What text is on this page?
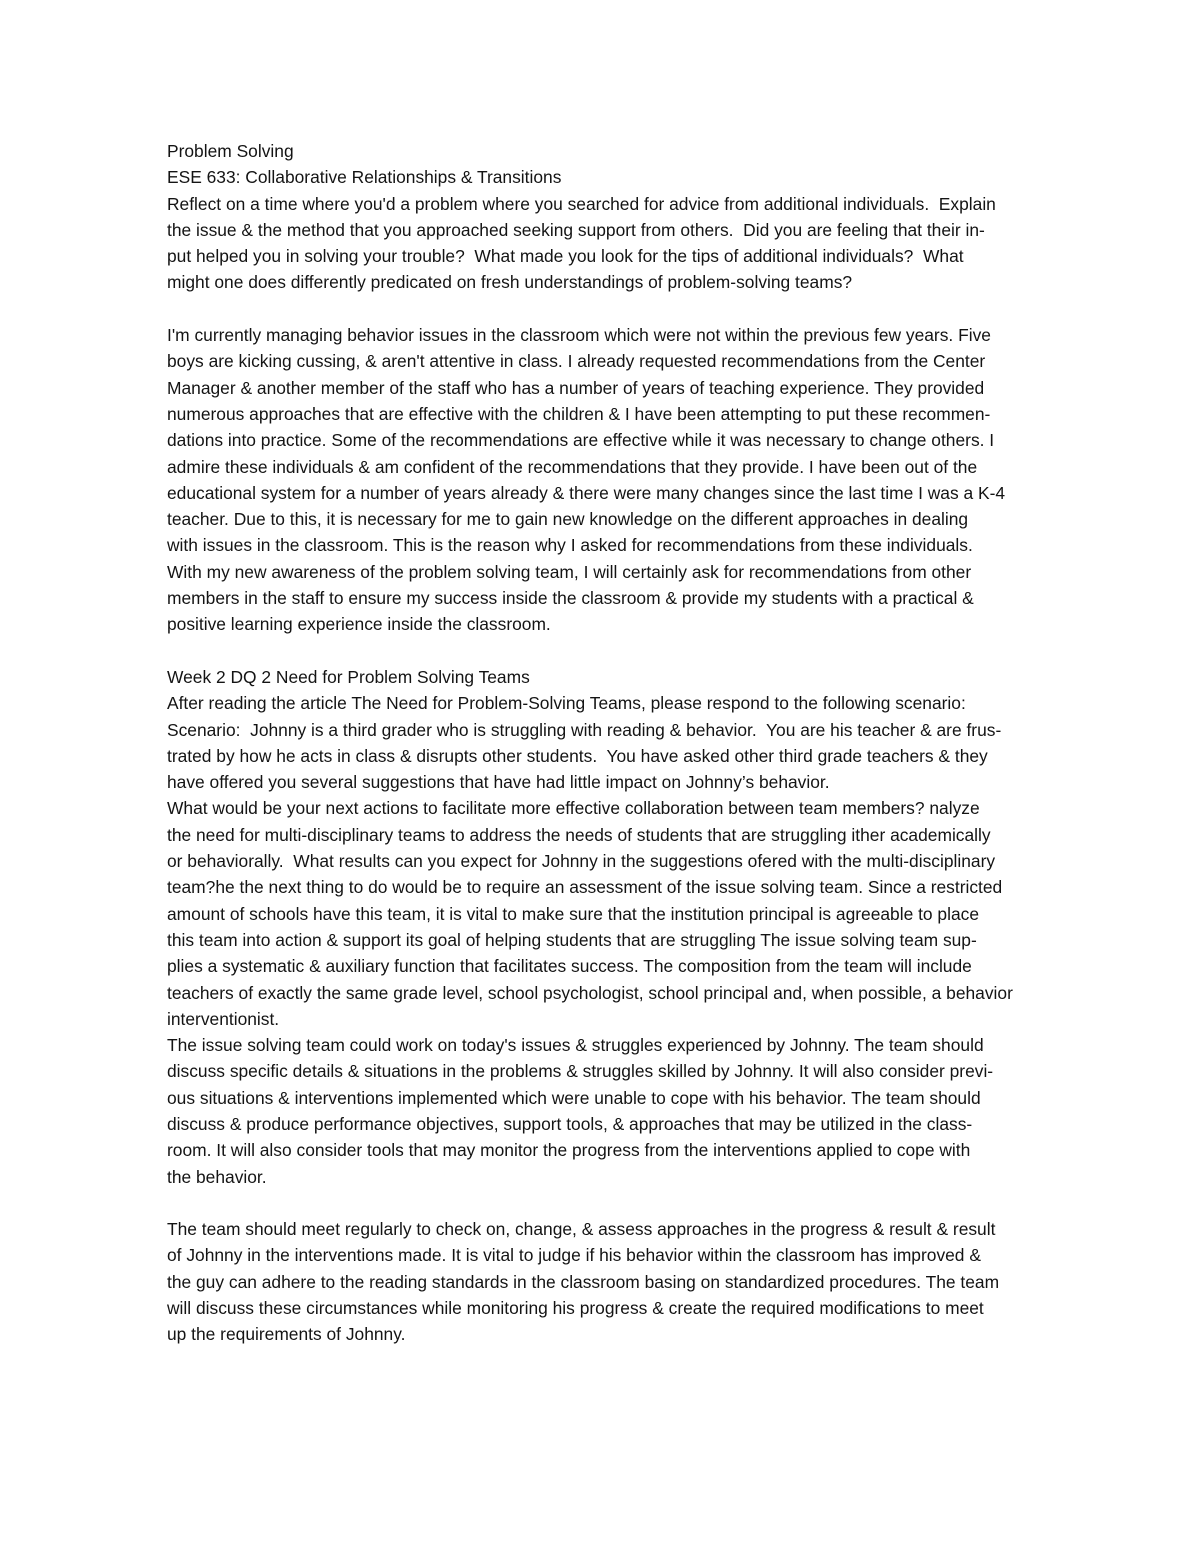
Problem Solving
ESE 633: Collaborative Relationships & Transitions
Reflect on a time where you'd a problem where you searched for advice from additional individuals.  Explain
the issue & the method that you approached seeking support from others.  Did you are feeling that their in-
put helped you in solving your trouble?  What made you look for the tips of additional individuals?  What
might one does differently predicated on fresh understandings of problem-solving teams?
I'm currently managing behavior issues in the classroom which were not within the previous few years. Five
boys are kicking cussing, & aren't attentive in class. I already requested recommendations from the Center
Manager & another member of the staff who has a number of years of teaching experience. They provided
numerous approaches that are effective with the children & I have been attempting to put these recommen-
dations into practice. Some of the recommendations are effective while it was necessary to change others. I
admire these individuals & am confident of the recommendations that they provide. I have been out of the
educational system for a number of years already & there were many changes since the last time I was a K-4
teacher. Due to this, it is necessary for me to gain new knowledge on the different approaches in dealing
with issues in the classroom. This is the reason why I asked for recommendations from these individuals.
With my new awareness of the problem solving team, I will certainly ask for recommendations from other
members in the staff to ensure my success inside the classroom & provide my students with a practical &
positive learning experience inside the classroom.
Week 2 DQ 2 Need for Problem Solving Teams
After reading the article The Need for Problem-Solving Teams, please respond to the following scenario:
Scenario:  Johnny is a third grader who is struggling with reading & behavior.  You are his teacher & are frus-
trated by how he acts in class & disrupts other students.  You have asked other third grade teachers & they
have offered you several suggestions that have had little impact on Johnny’s behavior.
What would be your next actions to facilitate more effective collaboration between team members? nalyze
the need for multi-disciplinary teams to address the needs of students that are struggling ither academically
or behaviorally.  What results can you expect for Johnny in the suggestions ofered with the multi-disciplinary
team?he the next thing to do would be to require an assessment of the issue solving team. Since a restricted
amount of schools have this team, it is vital to make sure that the institution principal is agreeable to place
this team into action & support its goal of helping students that are struggling The issue solving team sup-
plies a systematic & auxiliary function that facilitates success. The composition from the team will include
teachers of exactly the same grade level, school psychologist, school principal and, when possible, a behavior
interventionist.
The issue solving team could work on today's issues & struggles experienced by Johnny. The team should
discuss specific details & situations in the problems & struggles skilled by Johnny. It will also consider previ-
ous situations & interventions implemented which were unable to cope with his behavior. The team should
discuss & produce performance objectives, support tools, & approaches that may be utilized in the class-
room. It will also consider tools that may monitor the progress from the interventions applied to cope with
the behavior.
The team should meet regularly to check on, change, & assess approaches in the progress & result & result
of Johnny in the interventions made. It is vital to judge if his behavior within the classroom has improved &
the guy can adhere to the reading standards in the classroom basing on standardized procedures. The team
will discuss these circumstances while monitoring his progress & create the required modifications to meet
up the requirements of Johnny.
